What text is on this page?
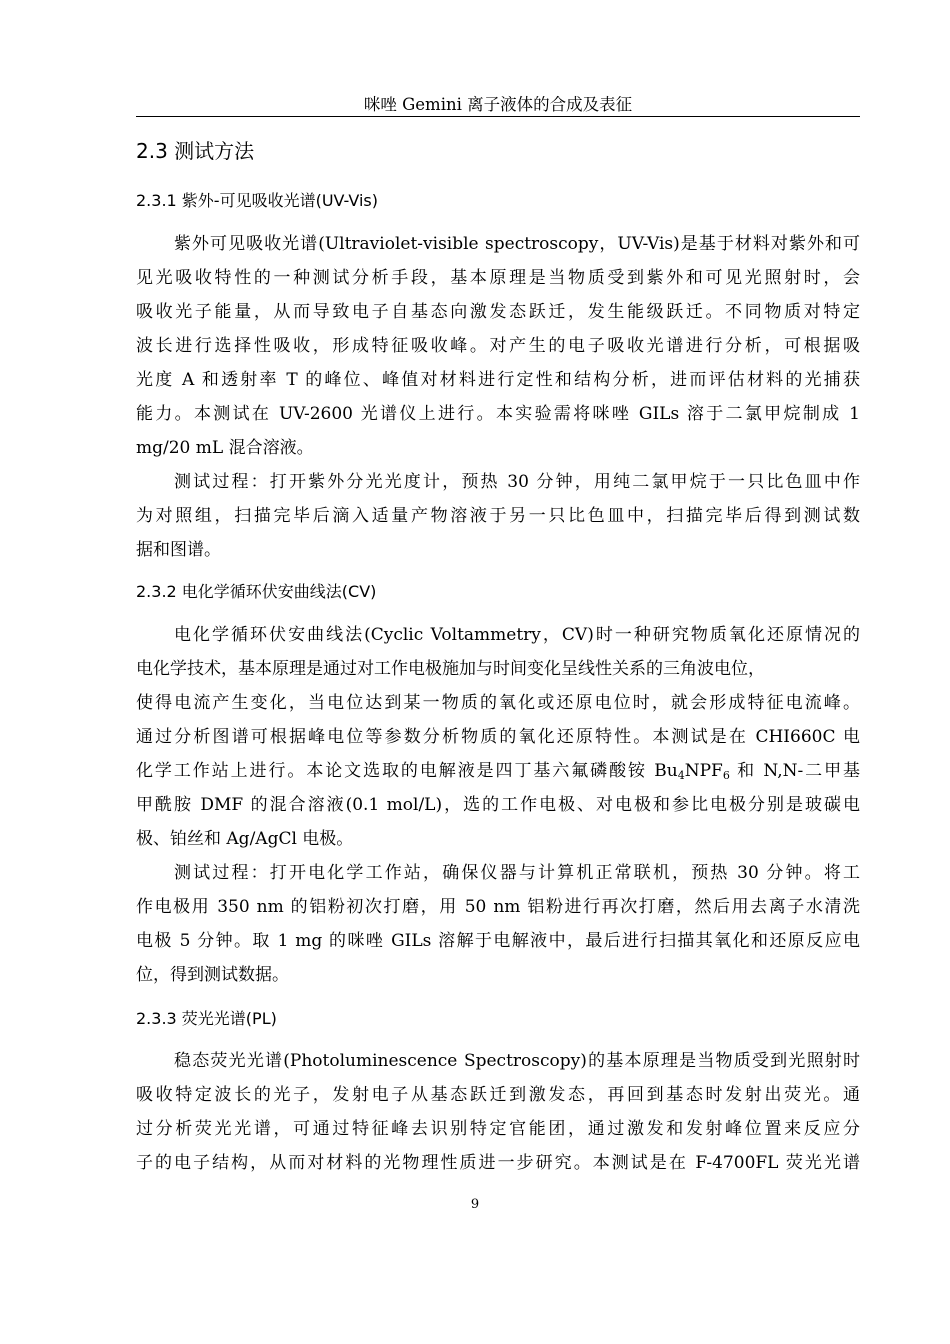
咪唑 Gemini 离子液体的合成及表征
2.3 测试方法
2.3.1 紫外-可见吸收光谱(UV-Vis)
紫外可见吸收光谱(Ultraviolet-visible spectroscopy，UV-Vis)是基于材料对紫外和可
见光吸收特性的一种测试分析手段，基本原理是当物质受到紫外和可见光照射时，会
吸收光子能量，从而导致电子自基态向激发态跃迁，发生能级跃迁。不同物质对特定
波长进行选择性吸收，形成特征吸收峰。对产生的电子吸收光谱进行分析，可根据吸
光度 A 和透射率 T 的峰位、峰值对材料进行定性和结构分析，进而评估材料的光捕获
能力。本测试在 UV-2600 光谱仪上进行。本实验需将咪唑 GILs 溶于二氯甲烷制成 1
mg/20 mL 混合溶液。
测试过程：打开紫外分光光度计，预热 30 分钟，用纯二氯甲烷于一只比色皿中作
为对照组，扫描完毕后滴入适量产物溶液于另一只比色皿中，扫描完毕后得到测试数
据和图谱。
2.3.2 电化学循环伏安曲线法(CV)
电化学循环伏安曲线法(Cyclic Voltammetry，CV)时一种研究物质氧化还原情况的
电化学技术，基本原理是通过对工作电极施加与时间变化呈线性关系的三角波电位，
使得电流产生变化，当电位达到某一物质的氧化或还原电位时，就会形成特征电流峰。
通过分析图谱可根据峰电位等参数分析物质的氧化还原特性。本测试是在 CHI660C 电
化学工作站上进行。本论文选取的电解液是四丁基六氟磷酸铵 $Bu_4NPF_6$ 和 N,N-二甲基
甲酰胺 DMF 的混合溶液(0.1 mol/L)，选的工作电极、对电极和参比电极分别是玻碳电
极、铂丝和 Ag/AgCl 电极。
测试过程：打开电化学工作站，确保仪器与计算机正常联机，预热 30 分钟。将工
作电极用 350 nm 的铝粉初次打磨，用 50 nm 铝粉进行再次打磨，然后用去离子水清洗
电极 5 分钟。取 1 mg 的咪唑 GILs 溶解于电解液中，最后进行扫描其氧化和还原反应电
位，得到测试数据。
2.3.3 荧光光谱(PL)
稳态荧光光谱(Photoluminescence Spectroscopy)的基本原理是当物质受到光照射时
吸收特定波长的光子，发射电子从基态跃迁到激发态，再回到基态时发射出荧光。通
过分析荧光光谱，可通过特征峰去识别特定官能团，通过激发和发射峰位置来反应分
子的电子结构，从而对材料的光物理性质进一步研究。本测试是在 F-4700FL 荧光光谱
9
